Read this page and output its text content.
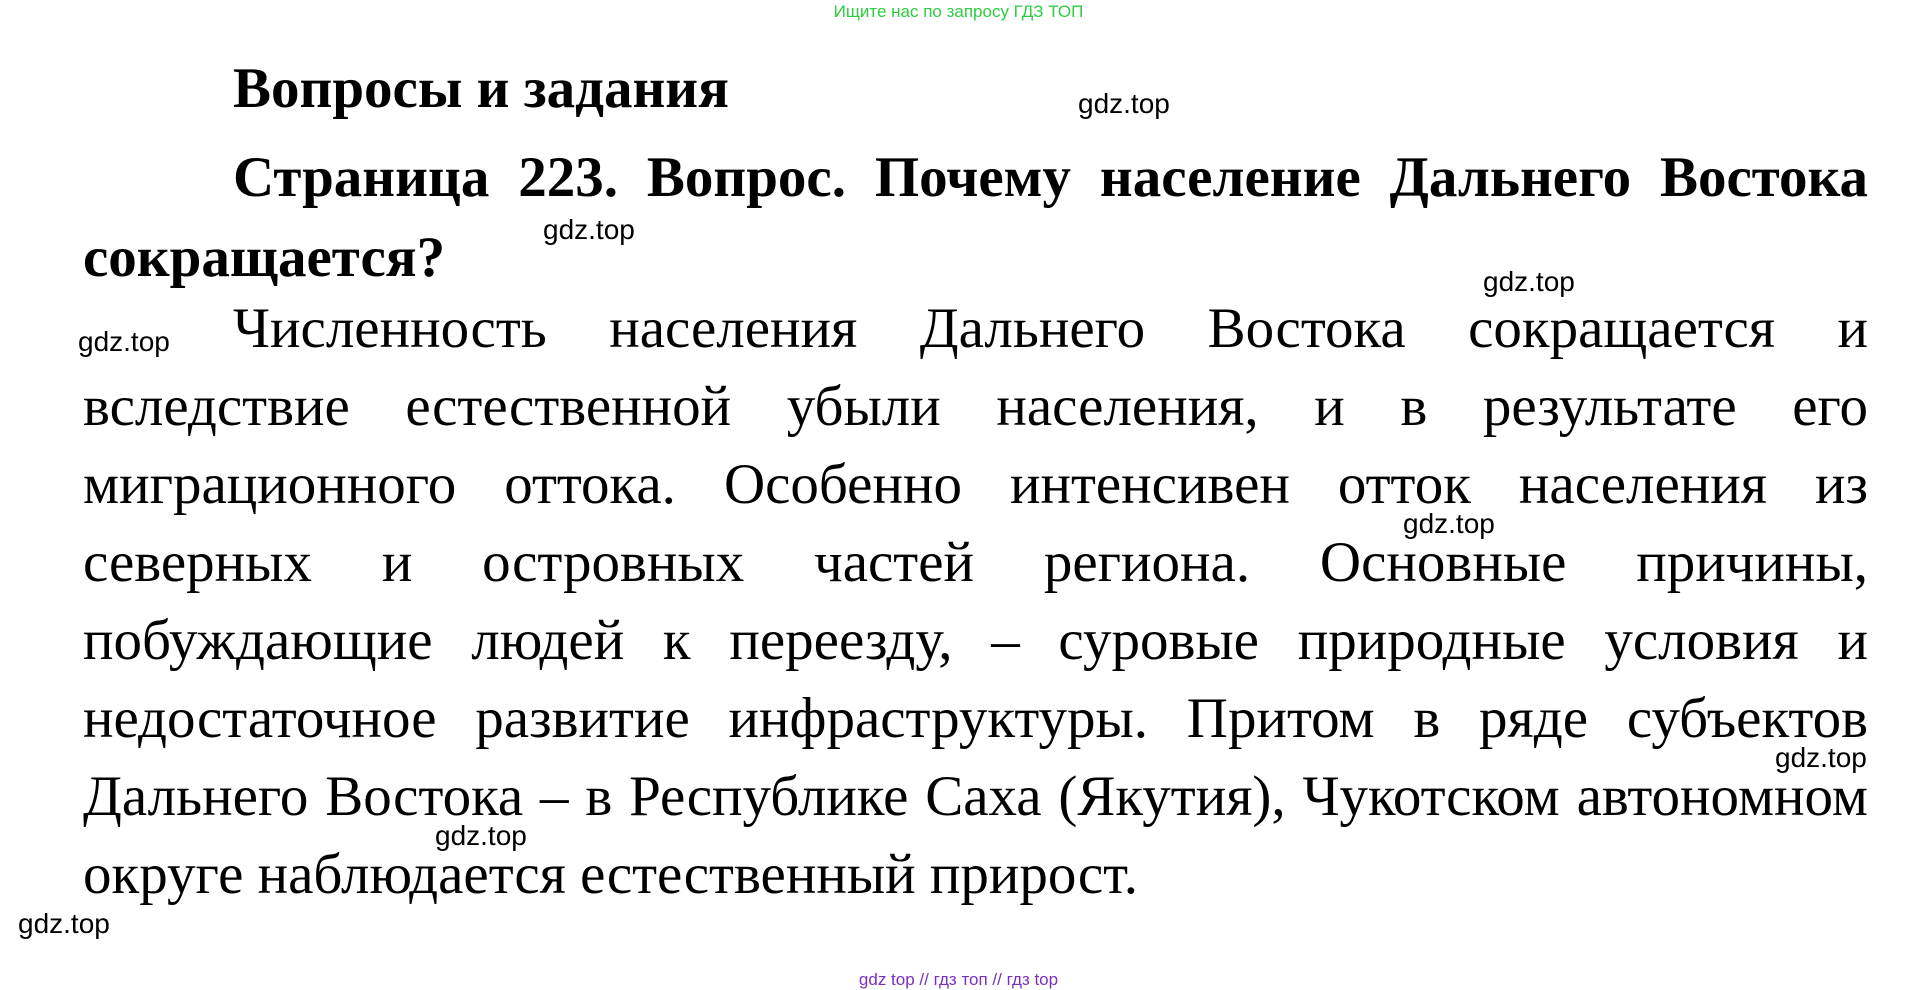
Ищите нас по запросу ГДЗ ТОП
Вопросы и задания

Страница 223. Вопрос. Почему население Дальнего Востока сокращается?

Численность населения Дальнего Востока сокращается и вследствие естественной убыли населения, и в результате его миграционного оттока. Особенно интенсивен отток населения из северных и островных частей региона. Основные причины, побуждающие людей к переезду, – суровые природные условия и недостаточное развитие инфраструктуры. Притом в ряде субъектов Дальнего Востока – в Республике Саха (Якутия), Чукотском автономном округе наблюдается естественный прирост.

gdz.top
gdz.top
gdz.top
gdz.top
gdz.top
gdz.top
gdz.top
gdz.top
gdz top // гдз топ // гдз top
